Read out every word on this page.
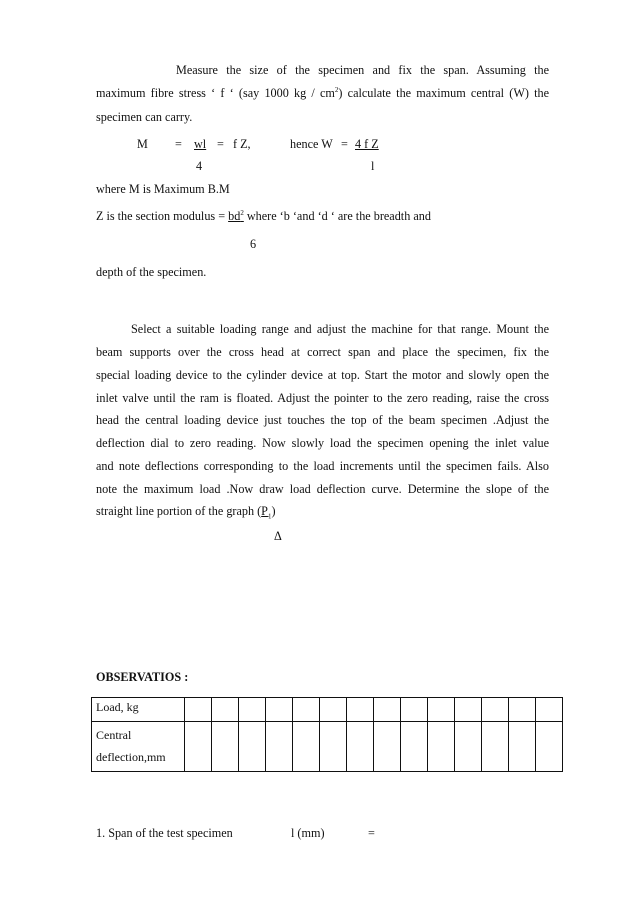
Measure the size of the specimen and fix the span. Assuming the
maximum fibre stress ‘ f ‘ (say 1000 kg / $cm^2$) calculate the maximum central (W) the
specimen can carry.
M = wl = f Z,	hence W = 4 f Z
4	l
where M is Maximum B.M
Z is the section modulus = $bd^2$ where ‘b ‘and ‘d ‘ are the breadth and
6
depth of the specimen.
Select a suitable loading range and adjust the machine for that range. Mount the
beam supports over the cross head at correct span and place the specimen, fix the
special loading device to the cylinder device at top. Start the motor and slowly open the
inlet valve until the ram is floated. Adjust the pointer to the zero reading, raise the cross
head the central loading device just touches the top of the beam specimen .Adjust the
deflection dial to zero reading. Now slowly load the specimen opening the inlet value
and note deflections corresponding to the load increments until the specimen fails. Also
note the maximum load .Now draw load deflection curve. Determine the slope of the
straight line portion of the graph $(P_1)$
Δ
OBSERVATIOS :
Load, kg														
Central
deflection,mm														
1. Span of the test specimen	l (mm)	=
